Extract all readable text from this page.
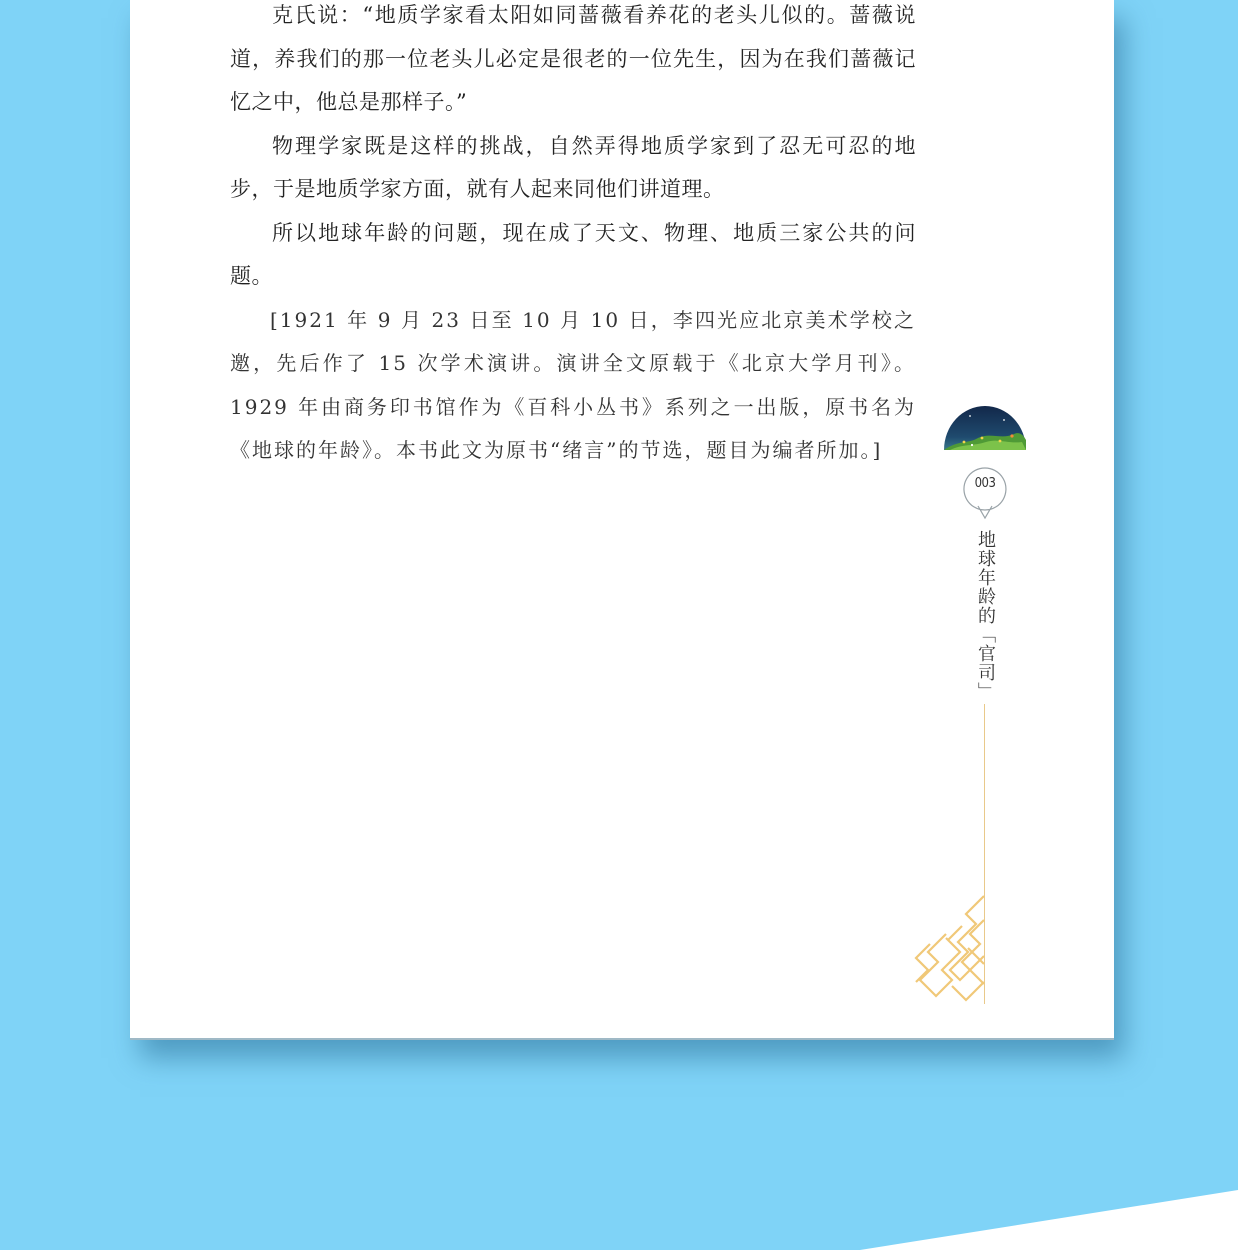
克氏说：“地质学家看太阳如同蔷薇看养花的老头儿似的。蔷薇说道，养我们的那一位老头儿必定是很老的一位先生，因为在我们蔷薇记忆之中，他总是那样子。”

物理学家既是这样的挑战，自然弄得地质学家到了忍无可忍的地步，于是地质学家方面，就有人起来同他们讲道理。

所以地球年龄的问题，现在成了天文、物理、地质三家公共的问题。

[1921 年 9 月 23 日至 10 月 10 日，李四光应北京美术学校之邀，先后作了 15 次学术演讲。演讲全文原载于《北京大学月刊》。1929 年由商务印书馆作为《百科小丛书》系列之一出版，原书名为《地球的年龄》。本书此文为原书“绪言”的节选，题目为编者所加。]

003
地球年龄的「官司」
